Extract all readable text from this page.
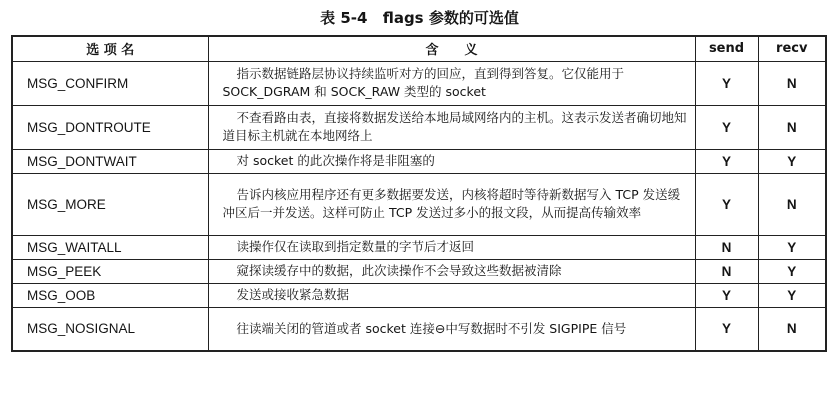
表 5-4 flags 参数的可选值
选 项 名	含　　义	send	recv
MSG_CONFIRM	指示数据链路层协议持续监听对方的回应，直到得到答复。它仅能用于 SOCK_DGRAM 和 SOCK_RAW 类型的 socket	Y	N
MSG_DONTROUTE	不查看路由表，直接将数据发送给本地局域网络内的主机。这表示发送者确切地知道目标主机就在本地网络上	Y	N
MSG_DONTWAIT	对 socket 的此次操作将是非阻塞的	Y	Y
MSG_MORE	告诉内核应用程序还有更多数据要发送，内核将超时等待新数据写入 TCP 发送缓冲区后一并发送。这样可防止 TCP 发送过多小的报文段，从而提高传输效率	Y	N
MSG_WAITALL	读操作仅在读取到指定数量的字节后才返回	N	Y
MSG_PEEK	窥探读缓存中的数据，此次读操作不会导致这些数据被清除	N	Y
MSG_OOB	发送或接收紧急数据	Y	Y
MSG_NOSIGNAL	往读端关闭的管道或者 socket 连接⊖中写数据时不引发 SIGPIPE 信号	Y	N
